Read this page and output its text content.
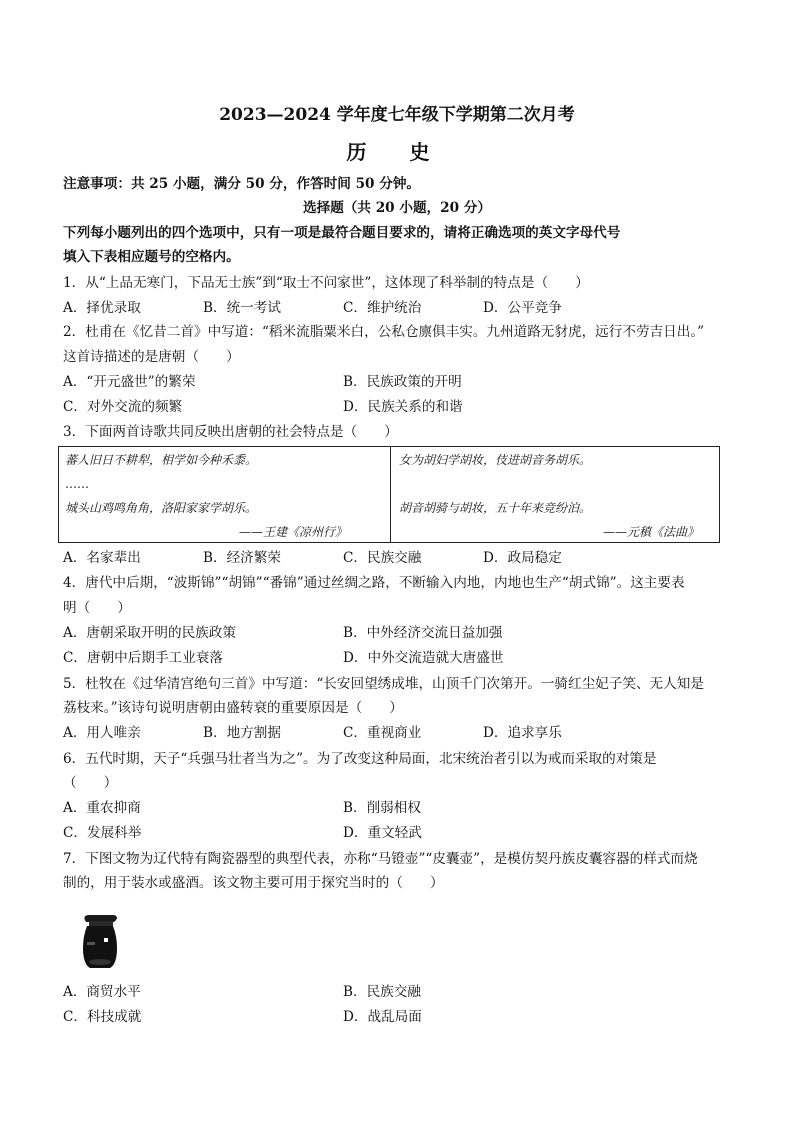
2023—2024 学年度七年级下学期第二次月考
历 史
注意事项：共 25 小题，满分 50 分，作答时间 50 分钟。
选择题（共 20 小题，20 分）
下列每小题列出的四个选项中，只有一项是最符合题目要求的，请将正确选项的英文字母代号
填入下表相应题号的空格内。
1．从“上品无寒门，下品无士族”到“取士不问家世”，这体现了科举制的特点是（　　）
A．择优录取	B．统一考试	C．维护统治	D．公平竞争
2．杜甫在《忆昔二首》中写道：“稻米流脂粟米白，公私仓廪俱丰实。九州道路无豺虎，远行不劳吉日出。”
这首诗描述的是唐朝（　　）
A．“开元盛世”的繁荣	B．民族政策的开明
C．对外交流的频繁	D．民族关系的和谐
3．下面两首诗歌共同反映出唐朝的社会特点是（　　）
蕃人旧日不耕犁，相学如今种禾黍。
……
城头山鸡鸣角角，洛阳家家学胡乐。
——王建《凉州行》
女为胡妇学胡妆，伎进胡音务胡乐。
胡音胡骑与胡妆，五十年来竞纷泊。
——元稹《法曲》
A．名家辈出	B．经济繁荣	C．民族交融	D．政局稳定
4．唐代中后期，“波斯锦”“胡锦”“番锦”通过丝绸之路，不断输入内地，内地也生产“胡式锦”。这主要表
明（　　）
A．唐朝采取开明的民族政策	B．中外经济交流日益加强
C．唐朝中后期手工业衰落	D．中外交流造就大唐盛世
5．杜牧在《过华清宫绝句三首》中写道：“长安回望绣成堆，山顶千门次第开。一骑红尘妃子笑、无人知是
荔枝来。”该诗句说明唐朝由盛转衰的重要原因是（　　）
A．用人唯亲	B．地方割据	C．重视商业	D．追求享乐
6．五代时期，天子“兵强马壮者当为之”。为了改变这种局面，北宋统治者引以为戒而采取的对策是
（　　）
A．重农抑商	B．削弱相权
C．发展科举	D．重文轻武
7．下图文物为辽代特有陶瓷器型的典型代表，亦称“马镫壶”“皮囊壶”，是模仿契丹族皮囊容器的样式而烧
制的，用于装水或盛酒。该文物主要可用于探究当时的（　　）
A．商贸水平	B．民族交融
C．科技成就	D．战乱局面
